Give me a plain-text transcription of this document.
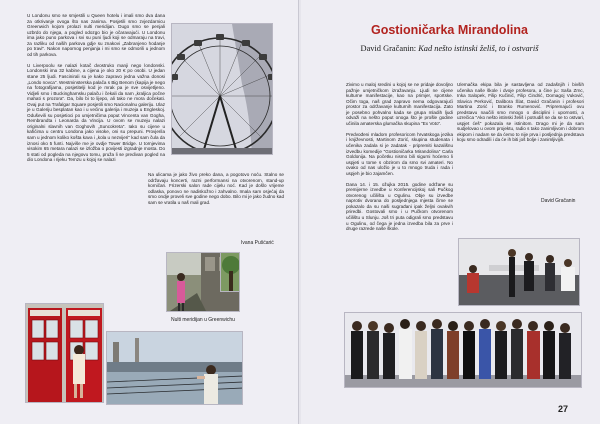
U Londonu smo se smjestili u Queen hotelu i imali smo dva dana za otkrivanje ovoga što nas zanima. Posjetili smo zvjezdarnicu Greenwich kojom prolazi nulti meridijan. Dugo smo se penjali uzbrdo do njega, a pogled odozgo bio je očaravajući. U Londonu ima jako puno parkova i svi su puni ljudi koji se odmaraju na travi, za razliku od naših parkova gdje su znakovi „Zabranjeno hodanje po travi". Nakon napornog penjanja i mi smo se odmorili u jednom od tih parkova.

U Liverpoolu se nalazi kotač dvostruko manji nego londonski. Londonski ima 32 kabine, a cijena je oko 20 € po osobi. U jedan stane 25 ljudi. Fascinirali su je kako zapravo jedna važna donosi „Londo novca". Westminsterska palača s Big Benom (kapija je nego na fotografijama, posjetitelji kod je mrak pa je sve osvijetljeno. Vidjeli smo i Buckinghamsku palaču i čekali da nam „kraljica počne mahati s prozora". Da, bilo bi to lijepo, ali tako ne mora dočekati. Ovaj put na Trafalgar Square posjetili smo Nacionalnu galeriju. Ulaz je u Galeriju besplatan kao i u većinu galerija i muzeja u Engleskoj. Oduševili su posjetioci po umjetničima poput Vincenta van Gogha, Rembrandta i Leonarda da Vincija. U ovom se muzeju nalazi originalni slavnih van Goghovih „Suncokreta". Iako su cijene u kafićima u centru Londona jako visoke, oni su prepuni. Provjerila sam u jednom koliko košta kava i „kola u nezvijeri" kad sam čula da iznosi oko 5 funti. Najviše me je ovdje Tower Bridge. U tornjevima visokim 65 metara nalazi se izložba o povijesti izgradnje mosta. Do 5 stati od pogleda na njegovu tomu, pruža li se predivan pogled na dio Londona i rijeku Temzu u kojoj se nalazi

Na ulicama je jako živo preko dana, a pogotovo noću. Stalno se održavaju koncerti, razni performansi na otvorenom, stand-up komičari. Frizerski salon rade cijelu noć. Kad je došlo vrijeme odlaska, ponovo ne nadiskožno i zahvalno. Imala sam osjećaj da smo ondje proveli sve godine nego dobo. Bilo mi je jako žudno kad sam se vratila u naš mali grad.

Ivana Pušćarić
Nulti meridijan u Greenwichu
Gostioničarka Mirandolina
David Gračanin: Kad nešto istinski želiš, to i ostvariš

Zivimo u maloj sredini u kojoj se ne pridaje dovoljno pažnje umjetničkom izražavanju. Ljudi ne cijene kulturne manifestacije, kao na primjer, sportske. Očim toga, naš grad zapravo nema odgovarajući prostor za održavanje kulturnih manifestacija. Zato je posebno pohvalno kada se grupa mladih ljudi odvaži na nešto poput onoga što je prošle godine učinila amaterska glumačka skupina "Ex Voto".

Predvođeni mladom profesoricom hrvatskoga jezika i književnosti, Martinom Zorić, skupina studenata i učenika zadala si je zadatak - pripremiti kazališnu izvedbu komedije "Gostioničarka Mirandolina" Carla Goldonija. Na početku nismo bili sigurni hoćemo li uspjeti u tome s obzirom da smo svi amateri. No ovako od nas uložio je u to mnogo truda i rada i uspjeh je bio zajamčen.

Dana 14. i 15. ožujka 2015. godine održane su premijerne izvedbe u Konferencijskoj sali Pučkog otvorenog učilišta u Ogulinu. Obje su izvedbe naprotiv dvorana do posljednjega mjesta čime se pokazalo da su naši sugrađani ipak željni ovakvih priredbi. Gostovali smo i u Pučkom otvorenom učilištu u Slunju. Još tri puta odigrali smo predstavu u Ogulinu, od čega je jedna izvedba bila za prve i druge razrede naše škole.

Ulemačka ekipa bila je sastavljena od zadašnjih i bivših učenika naše škole i dvoje profesora, a čine ju: Saša Zrnc, Inka Salopek, Filip Kučinić, Filip Ćindrić, Domagoj Vuković, Slavica Perković, Dalibora Šlat, David Gračanin i profesori Martina Zorić i Branko Rumenović. Pripremajući ovu predstavu naučili smo mnogo o disciplini i upornosti, a uzrečica "Ako nešto istinski želiš i potrudiš se da se to ostvari, uspjet ćeš" pokazala se istinitom. Drago mi je da sam sudjelovao u ovom projektu, radio s tako zanimljivom i dobrom ekipom i nadam se da ćemo to nije prva i posljednja predstava koju smo odradili i da će ih biti još bolje i zanimljivijih.

David Gračanin
27
